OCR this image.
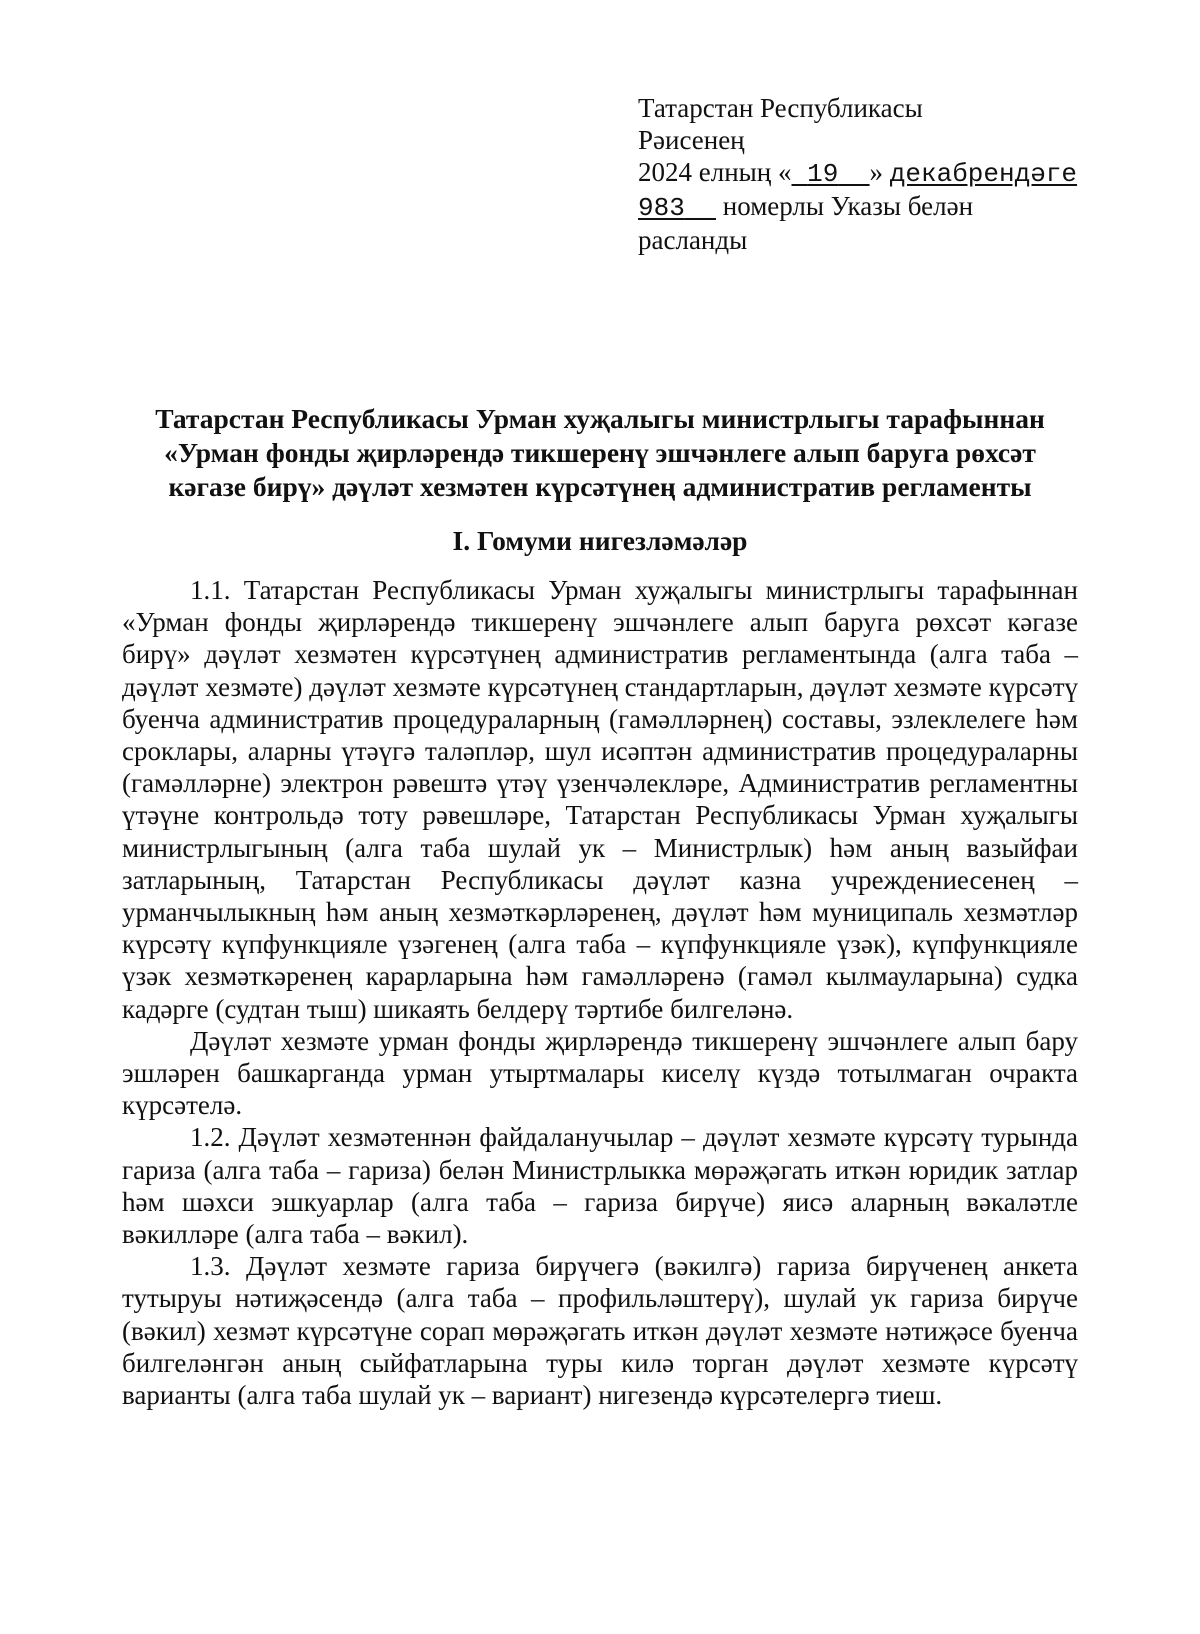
Татарстан Республикасы
Рәисенең
2024 елның « 19 » декабрендәге
983 номерлы Указы белән
расланды
Татарстан Республикасы Урман хуҗалыгы министрлыгы тарафыннан
«Урман фонды җирләрендә тикшеренү эшчәнлеге алып баруга рөхсәт
кәгазе бирү» дәүләт хезмәтен күрсәтүнең административ регламенты
I. Гомуми нигезләмәләр

1.1. Татарстан Республикасы Урман хуҗалыгы министрлыгы тарафыннан «Урман фонды җирләрендә тикшеренү эшчәнлеге алып баруга рөхсәт кәгазе бирү» дәүләт хезмәтен күрсәтүнең административ регламентында (алга таба – дәүләт хезмәте) дәүләт хезмәте күрсәтүнең стандартларын, дәүләт хезмәте күрсәтү буенча административ процедураларның (гамәлләрнең) составы, эзлеклелеге һәм сроклары, аларны үтәүгә таләпләр, шул исәптән административ процедураларны (гамәлләрне) электрон рәвештә үтәү үзенчәлекләре, Административ регламентны үтәүне контрольдә тоту рәвешләре, Татарстан Республикасы Урман хуҗалыгы министрлыгының (алга таба шулай ук – Министрлык) һәм аның вазыйфаи затларының, Татарстан Республикасы дәүләт казна учреждениесенең – урманчылыкның һәм аның хезмәткәрләренең, дәүләт һәм муниципаль хезмәтләр күрсәтү күпфункцияле үзәгенең (алга таба – күпфункцияле үзәк), күпфункцияле үзәк хезмәткәренең карарларына һәм гамәлләренә (гамәл кылмауларына) судка кадәрге (судтан тыш) шикаять белдерү тәртибе билгеләнә.

Дәүләт хезмәте урман фонды җирләрендә тикшеренү эшчәнлеге алып бару эшләрен башкарганда урман утыртмалары киселү күздә тотылмаган очракта күрсәтелә.

1.2. Дәүләт хезмәтеннән файдаланучылар – дәүләт хезмәте күрсәтү турында гариза (алга таба – гариза) белән Министрлыкка мөрәҗәгать иткән юридик затлар һәм шәхси эшкуарлар (алга таба – гариза бирүче) яисә аларның вәкаләтле вәкилләре (алга таба – вәкил).

1.3. Дәүләт хезмәте гариза бирүчегә (вәкилгә) гариза бирүченең анкета тутыруы нәтиҗәсендә (алга таба – профильләштерү), шулай ук гариза бирүче (вәкил) хезмәт күрсәтүне сорап мөрәҗәгать иткән дәүләт хезмәте нәтиҗәсе буенча билгеләнгән аның сыйфатларына туры килә торган дәүләт хезмәте күрсәтү варианты (алга таба шулай ук – вариант) нигезендә күрсәтелергә тиеш.
